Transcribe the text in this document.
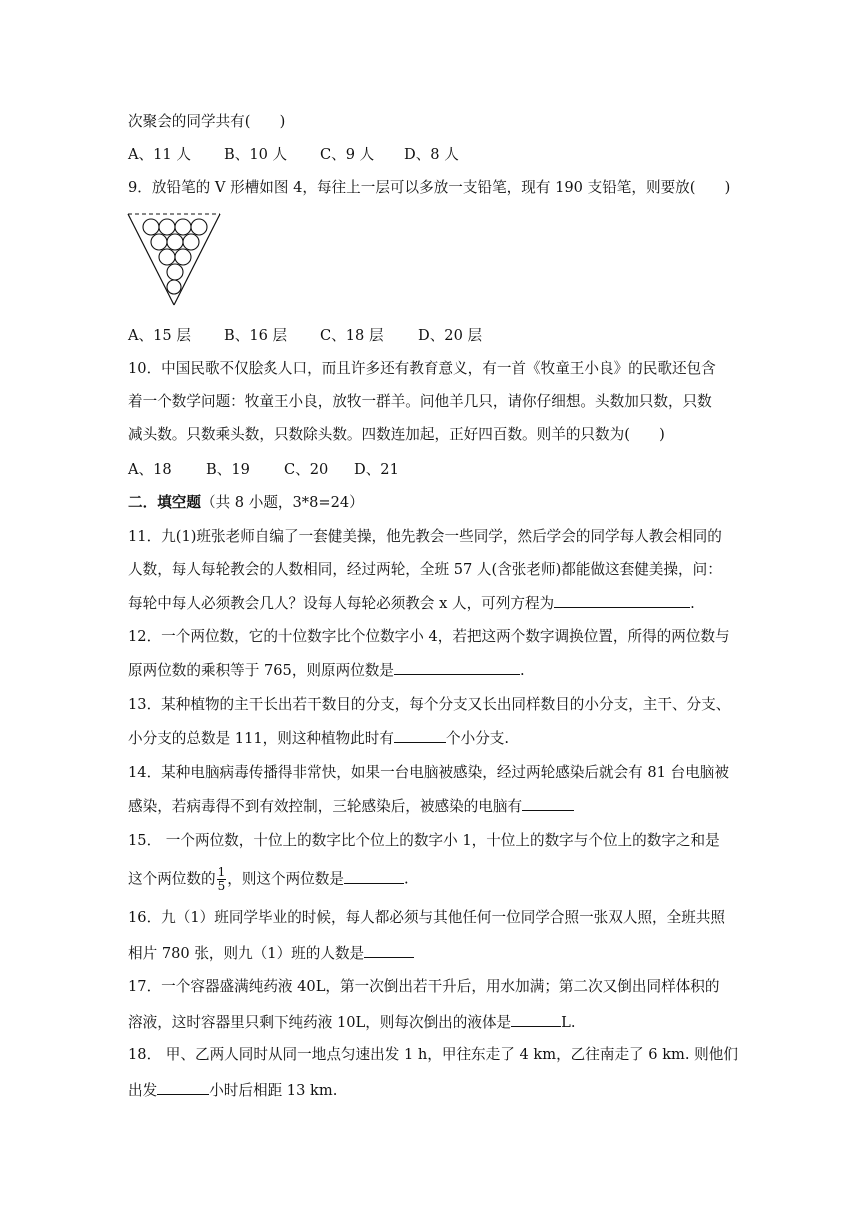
次聚会的同学共有(　　)
A、11 人 B、10 人 C、9 人 D、8 人
9．放铅笔的 V 形槽如图 4，每往上一层可以多放一支铅笔，现有 190 支铅笔，则要放(　　)
A、15 层 B、16 层 C、18 层 D、20 层
10．中国民歌不仅脍炙人口，而且许多还有教育意义，有一首《牧童王小良》的民歌还包含
着一个数学问题：牧童王小良，放牧一群羊。问他羊几只，请你仔细想。头数加只数，只数
减头数。只数乘头数，只数除头数。四数连加起，正好四百数。则羊的只数为(　　)
A、18 B、19 C、20 D、21
二．填空题（共 8 小题，3*8=24）
11．九(1)班张老师自编了一套健美操，他先教会一些同学，然后学会的同学每人教会相同的
人数，每人每轮教会的人数相同，经过两轮，全班 57 人(含张老师)都能做这套健美操，问：
每轮中每人必须教会几人？设每人每轮必须教会 x 人，可列方程为	.
12．一个两位数，它的十位数字比个位数字小 4，若把这两个数字调换位置，所得的两位数与
原两位数的乘积等于 765，则原两位数是	.
13．某种植物的主干长出若干数目的分支，每个分支又长出同样数目的小分支，主干、分支、
小分支的总数是 111，则这种植物此时有	个小分支.
14．某种电脑病毒传播得非常快，如果一台电脑被感染，经过两轮感染后就会有 81 台电脑被
感染，若病毒得不到有效控制，三轮感染后，被感染的电脑有
15． 一个两位数，十位上的数字比个位上的数字小 1，十位上的数字与个位上的数字之和是
这个两位数的 $\frac{1}{5}$ ，则这个两位数是	.
16．九（1）班同学毕业的时候，每人都必须与其他任何一位同学合照一张双人照，全班共照
相片 780 张，则九（1）班的人数是
17．一个容器盛满纯药液 40L，第一次倒出若干升后，用水加满；第二次又倒出同样体积的
溶液，这时容器里只剩下纯药液 10L，则每次倒出的液体是	L.
18． 甲、乙两人同时从同一地点匀速出发 1 h，甲往东走了 4 km，乙往南走了 6 km. 则他们
出发	小时后相距 13 km.
